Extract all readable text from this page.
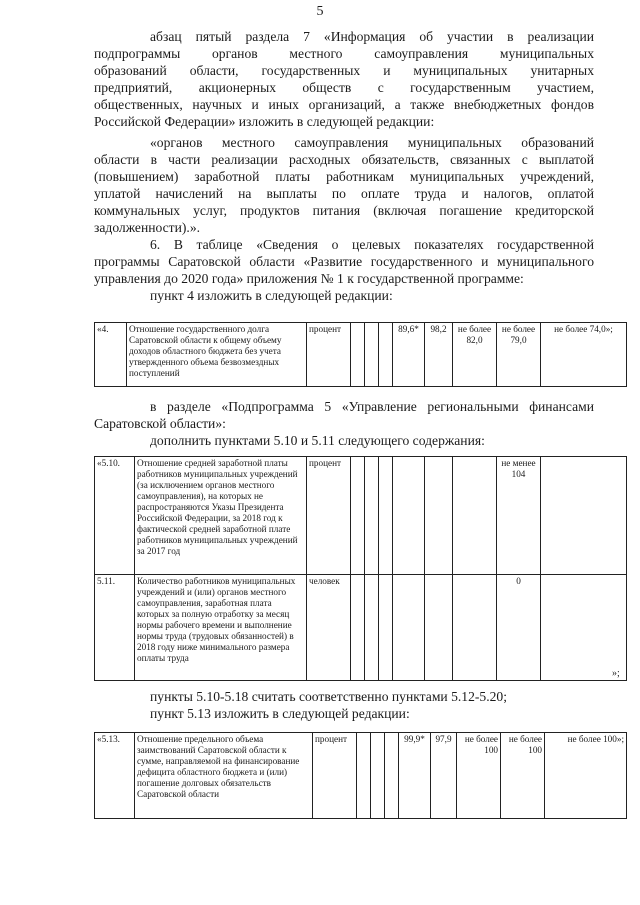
5
абзац пятый раздела 7 «Информация об участии в реализации
подпрограммы органов местного самоуправления муниципальных
образований области, государственных и муниципальных унитарных
предприятий, акционерных обществ с государственным участием,
общественных, научных и иных организаций, а также внебюджетных фондов
Российской Федерации» изложить в следующей редакции:
«органов местного самоуправления муниципальных образований
области в части реализации расходных обязательств, связанных с выплатой
(повышением) заработной платы работникам муниципальных учреждений,
уплатой начислений на выплаты по оплате труда и налогов, оплатой
коммунальных услуг, продуктов питания (включая погашение кредиторской
задолженности).».
6. В таблице «Сведения о целевых показателях государственной
программы Саратовской области «Развитие государственного и муниципального
управления до 2020 года» приложения № 1 к государственной программе:
пункт 4 изложить в следующей редакции:
«4.	Отношение государственного долга Саратовской области к общему объему доходов областного бюджета без учета утвержденного объема безвозмездных поступлений	процент				89,6*	98,2	не более 82,0	не более 79,0	не более 74,0»;
в разделе «Подпрограмма 5 «Управление региональными финансами
Саратовской области»:
дополнить пунктами 5.10 и 5.11 следующего содержания:
«5.10.	Отношение средней заработной платы работников муниципальных учреждений (за исключением органов местного самоуправления), на которых не распространяются Указы Президента Российской Федерации, за 2018 год к фактической средней заработной плате работников муниципальных учреждений за 2017 год	процент							не менее 104	
5.11.	Количество работников муниципальных учреждений и (или) органов местного самоуправления, заработная плата которых за полную отработку за месяц нормы рабочего времени и выполнение нормы труда (трудовых обязанностей) в 2018 году ниже минимального размера оплаты труда	человек							0	
»;
пункты 5.10-5.18 считать соответственно пунктами 5.12-5.20;
пункт 5.13 изложить в следующей редакции:
«5.13.	Отношение предельного объема заимствований Саратовской области к сумме, направляемой на финансирование дефицита областного бюджета и (или) погашение долговых обязательств Саратовской области	процент				99,9*	97,9	не более 100	не более 100	не более 100»;
